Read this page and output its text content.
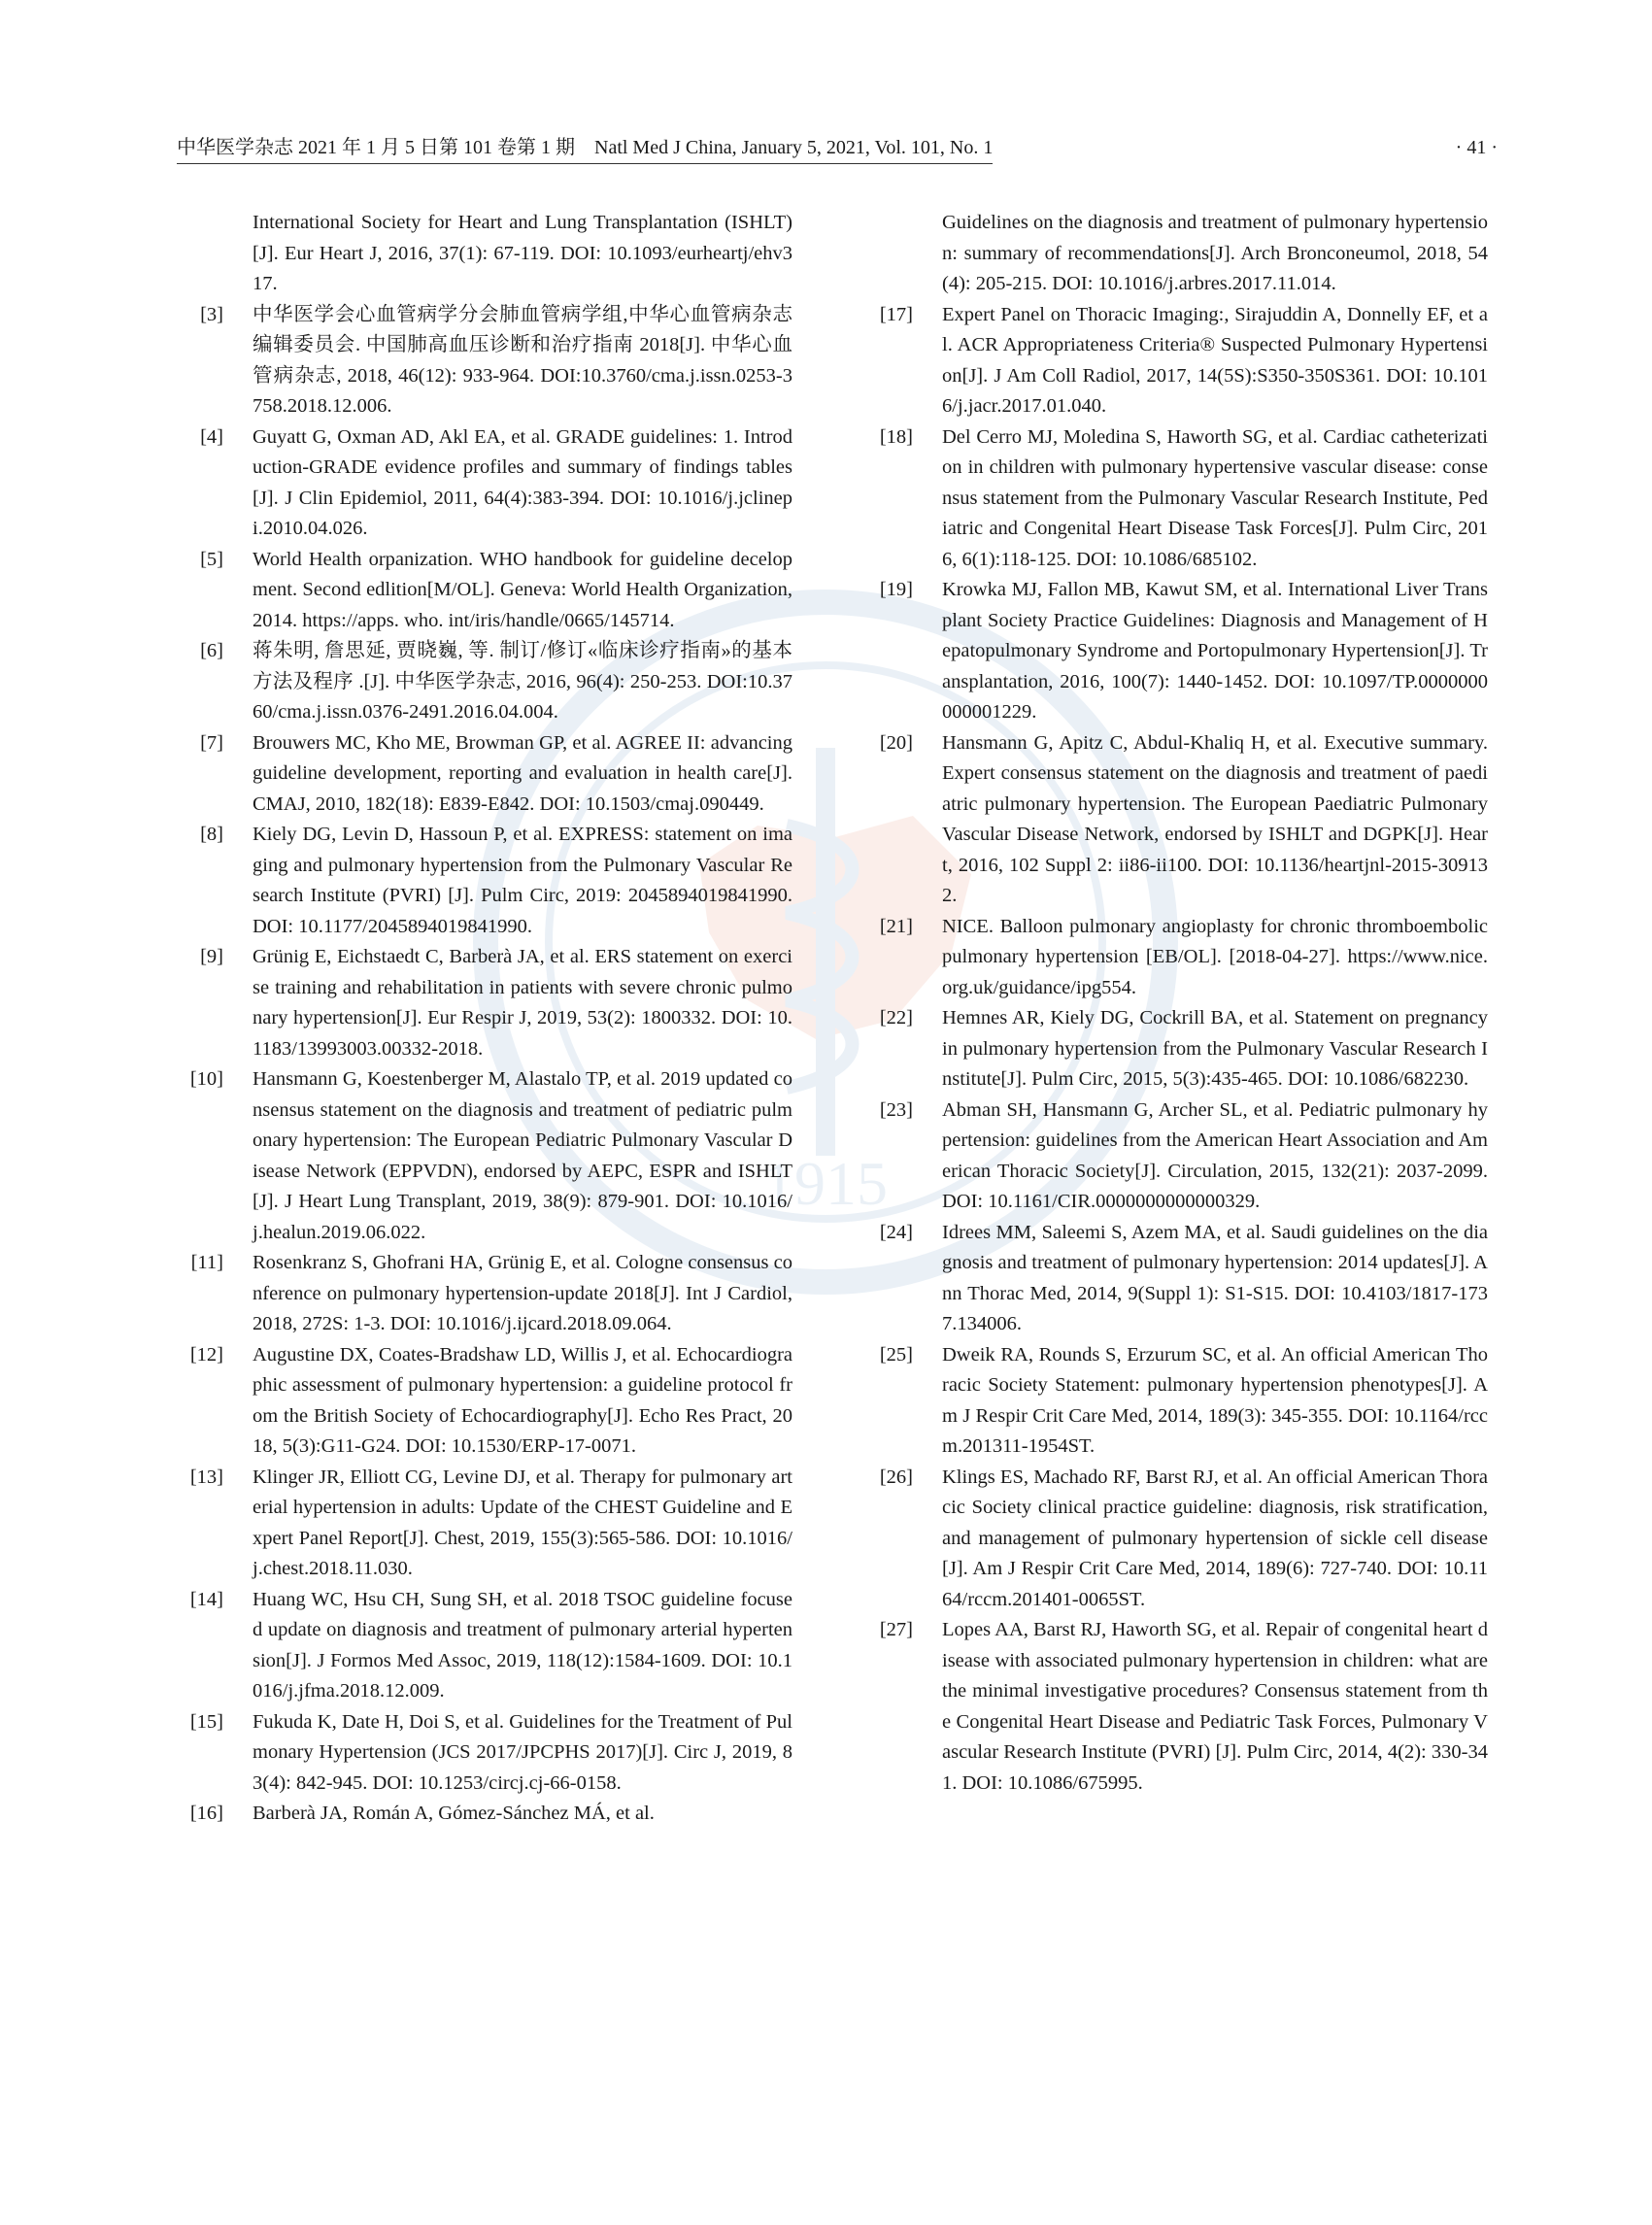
1915
中华医学杂志 2021 年 1 月 5 日第 101 卷第 1 期　Natl Med J China, January 5, 2021, Vol. 101, No. 1	· 41 ·

International Society for Heart and Lung Transplantation (ISHLT) [J]. Eur Heart J, 2016, 37(1): 67-119. DOI: 10.1093/eurheartj/ehv317.

[3] 中华医学会心血管病学分会肺血管病学组,中华心血管病杂志编辑委员会. 中国肺高血压诊断和治疗指南 2018[J]. 中华心血管病杂志, 2018, 46(12): 933-964. DOI:10.3760/cma.j.issn.0253-3758.2018.12.006.

[4] Guyatt G, Oxman AD, Akl EA, et al. GRADE guidelines: 1. Introduction-GRADE evidence profiles and summary of findings tables[J]. J Clin Epidemiol, 2011, 64(4):383-394. DOI: 10.1016/j.jclinepi.2010.04.026.

[5] World Health orpanization. WHO handbook for guideline decelopment. Second edlition[M/OL]. Geneva: World Health Organization, 2014. https://apps. who. int/iris/handle/0665/145714.

[6] 蒋朱明, 詹思延, 贾晓巍, 等. 制订/修订«临床诊疗指南»的基本方法及程序 .[J]. 中华医学杂志, 2016, 96(4): 250-253. DOI:10.3760/cma.j.issn.0376-2491.2016.04.004.

[7] Brouwers MC, Kho ME, Browman GP, et al. AGREE II: advancing guideline development, reporting and evaluation in health care[J]. CMAJ, 2010, 182(18): E839-E842. DOI: 10.1503/cmaj.090449.

[8] Kiely DG, Levin D, Hassoun P, et al. EXPRESS: statement on imaging and pulmonary hypertension from the Pulmonary Vascular Research Institute (PVRI) [J]. Pulm Circ, 2019: 2045894019841990. DOI: 10.1177/2045894019841990.

[9] Grünig E, Eichstaedt C, Barberà JA, et al. ERS statement on exercise training and rehabilitation in patients with severe chronic pulmonary hypertension[J]. Eur Respir J, 2019, 53(2): 1800332. DOI: 10.1183/13993003.00332-2018.

[10] Hansmann G, Koestenberger M, Alastalo TP, et al. 2019 updated consensus statement on the diagnosis and treatment of pediatric pulmonary hypertension: The European Pediatric Pulmonary Vascular Disease Network (EPPVDN), endorsed by AEPC, ESPR and ISHLT[J]. J Heart Lung Transplant, 2019, 38(9): 879-901. DOI: 10.1016/j.healun.2019.06.022.

[11] Rosenkranz S, Ghofrani HA, Grünig E, et al. Cologne consensus conference on pulmonary hypertension-update 2018[J]. Int J Cardiol, 2018, 272S: 1-3. DOI: 10.1016/j.ijcard.2018.09.064.

[12] Augustine DX, Coates-Bradshaw LD, Willis J, et al. Echocardiographic assessment of pulmonary hypertension: a guideline protocol from the British Society of Echocardiography[J]. Echo Res Pract, 2018, 5(3):G11-G24. DOI: 10.1530/ERP-17-0071.

[13] Klinger JR, Elliott CG, Levine DJ, et al. Therapy for pulmonary arterial hypertension in adults: Update of the CHEST Guideline and Expert Panel Report[J]. Chest, 2019, 155(3):565-586. DOI: 10.1016/j.chest.2018.11.030.

[14] Huang WC, Hsu CH, Sung SH, et al. 2018 TSOC guideline focused update on diagnosis and treatment of pulmonary arterial hypertension[J]. J Formos Med Assoc, 2019, 118(12):1584-1609. DOI: 10.1016/j.jfma.2018.12.009.

[15] Fukuda K, Date H, Doi S, et al. Guidelines for the Treatment of Pulmonary Hypertension (JCS 2017/JPCPHS 2017)[J]. Circ J, 2019, 83(4): 842-945. DOI: 10.1253/circj.cj-66-0158.

[16] Barberà JA, Román A, Gómez-Sánchez MÁ, et al.

Guidelines on the diagnosis and treatment of pulmonary hypertension: summary of recommendations[J]. Arch Bronconeumol, 2018, 54(4): 205-215. DOI: 10.1016/j.arbres.2017.11.014.

[17] Expert Panel on Thoracic Imaging:, Sirajuddin A, Donnelly EF, et al. ACR Appropriateness Criteria® Suspected Pulmonary Hypertension[J]. J Am Coll Radiol, 2017, 14(5S):S350-350S361. DOI: 10.1016/j.jacr.2017.01.040.

[18] Del Cerro MJ, Moledina S, Haworth SG, et al. Cardiac catheterization in children with pulmonary hypertensive vascular disease: consensus statement from the Pulmonary Vascular Research Institute, Pediatric and Congenital Heart Disease Task Forces[J]. Pulm Circ, 2016, 6(1):118-125. DOI: 10.1086/685102.

[19] Krowka MJ, Fallon MB, Kawut SM, et al. International Liver Transplant Society Practice Guidelines: Diagnosis and Management of Hepatopulmonary Syndrome and Portopulmonary Hypertension[J]. Transplantation, 2016, 100(7): 1440-1452. DOI: 10.1097/TP.0000000000001229.

[20] Hansmann G, Apitz C, Abdul-Khaliq H, et al. Executive summary. Expert consensus statement on the diagnosis and treatment of paediatric pulmonary hypertension. The European Paediatric Pulmonary Vascular Disease Network, endorsed by ISHLT and DGPK[J]. Heart, 2016, 102 Suppl 2: ii86-ii100. DOI: 10.1136/heartjnl-2015-309132.

[21] NICE. Balloon pulmonary angioplasty for chronic thromboembolic pulmonary hypertension [EB/OL]. [2018-04-27]. https://www.nice.org.uk/guidance/ipg554.

[22] Hemnes AR, Kiely DG, Cockrill BA, et al. Statement on pregnancy in pulmonary hypertension from the Pulmonary Vascular Research Institute[J]. Pulm Circ, 2015, 5(3):435-465. DOI: 10.1086/682230.

[23] Abman SH, Hansmann G, Archer SL, et al. Pediatric pulmonary hypertension: guidelines from the American Heart Association and American Thoracic Society[J]. Circulation, 2015, 132(21): 2037-2099. DOI: 10.1161/CIR.0000000000000329.

[24] Idrees MM, Saleemi S, Azem MA, et al. Saudi guidelines on the diagnosis and treatment of pulmonary hypertension: 2014 updates[J]. Ann Thorac Med, 2014, 9(Suppl 1): S1-S15. DOI: 10.4103/1817-1737.134006.

[25] Dweik RA, Rounds S, Erzurum SC, et al. An official American Thoracic Society Statement: pulmonary hypertension phenotypes[J]. Am J Respir Crit Care Med, 2014, 189(3): 345-355. DOI: 10.1164/rccm.201311-1954ST.

[26] Klings ES, Machado RF, Barst RJ, et al. An official American Thoracic Society clinical practice guideline: diagnosis, risk stratification, and management of pulmonary hypertension of sickle cell disease[J]. Am J Respir Crit Care Med, 2014, 189(6): 727-740. DOI: 10.1164/rccm.201401-0065ST.

[27] Lopes AA, Barst RJ, Haworth SG, et al. Repair of congenital heart disease with associated pulmonary hypertension in children: what are the minimal investigative procedures? Consensus statement from the Congenital Heart Disease and Pediatric Task Forces, Pulmonary Vascular Research Institute (PVRI) [J]. Pulm Circ, 2014, 4(2): 330-341. DOI: 10.1086/675995.
